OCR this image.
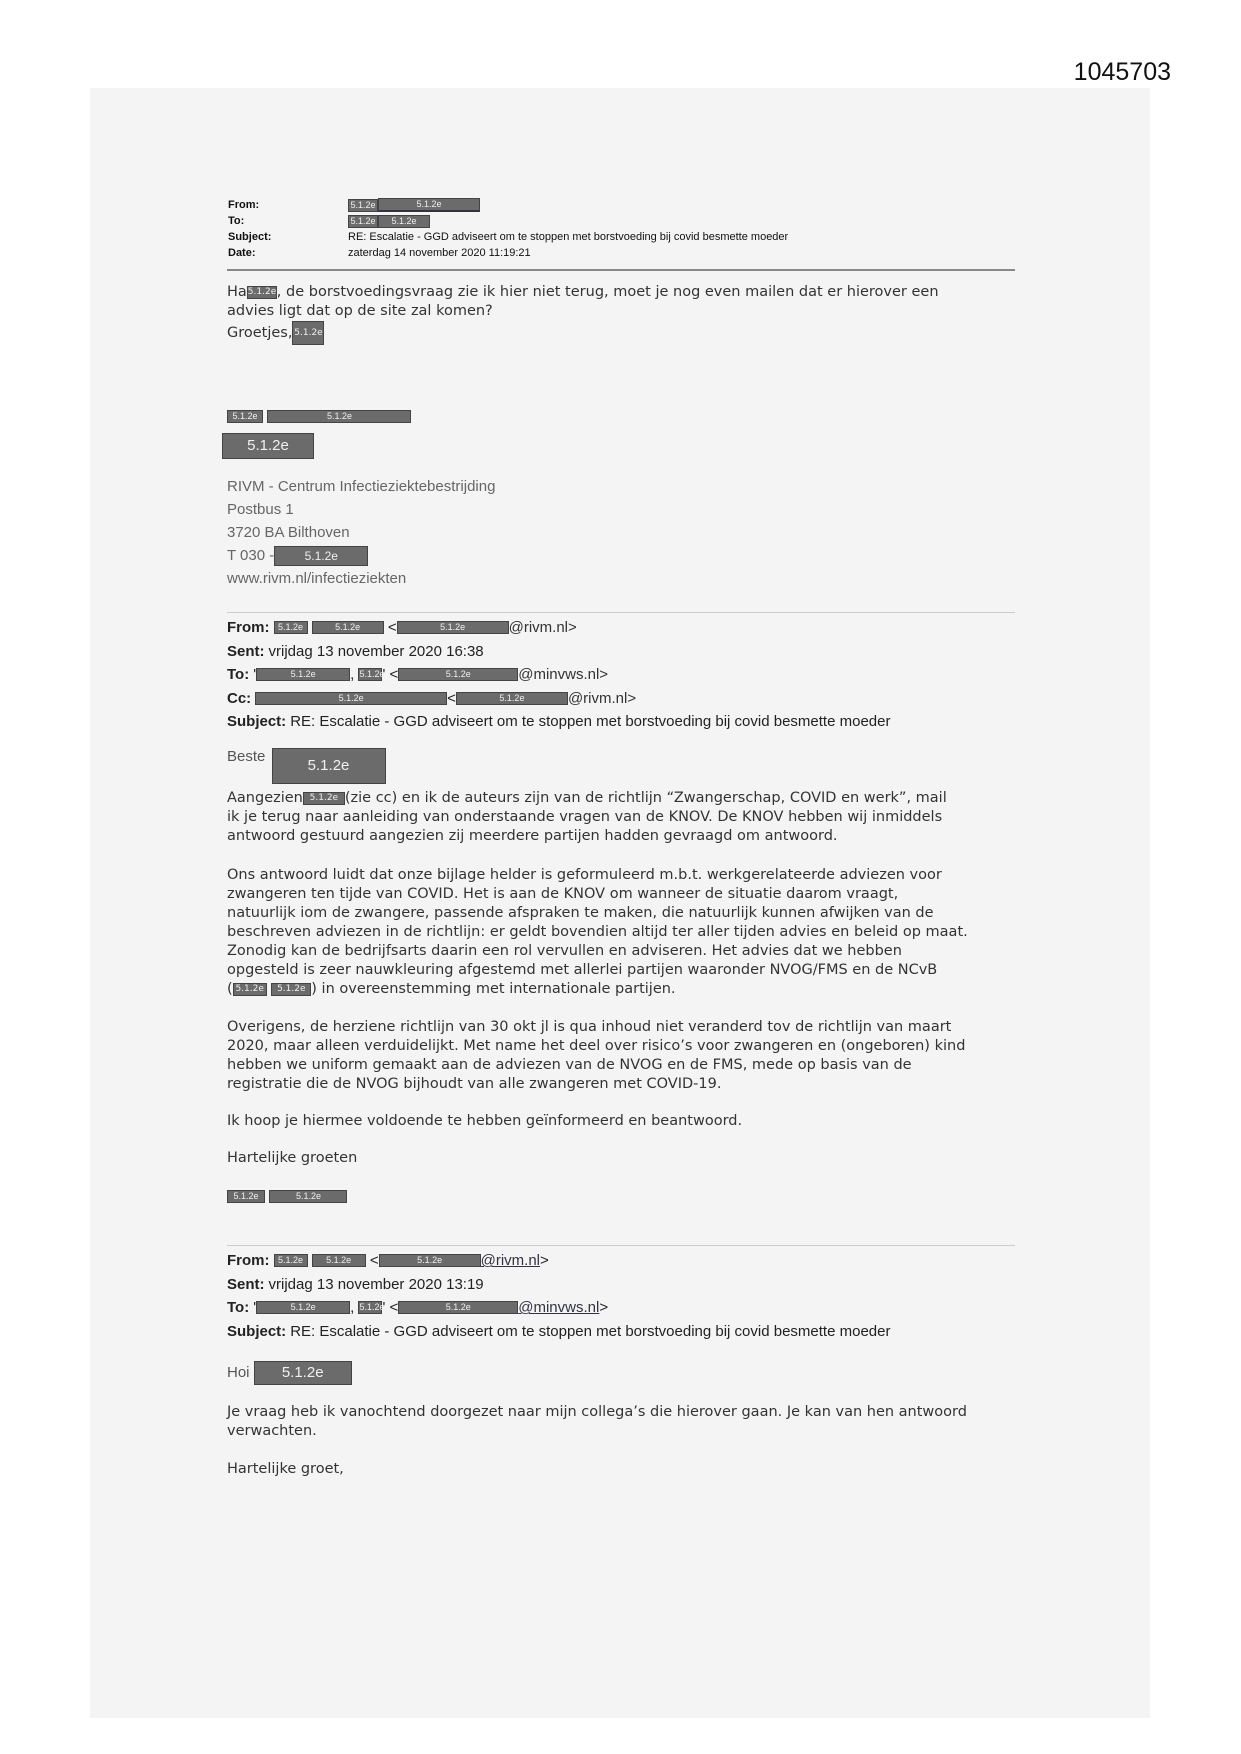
1045703
From:	5.1.2e	5.1.2e
To:	5.1.2e 5.1.2e
Subject:	RE: Escalatie - GGD adviseert om te stoppen met borstvoeding bij covid besmette moeder
Date:	zaterdag 14 november 2020 11:19:21
Ha5.1.2e, de borstvoedingsvraag zie ik hier niet terug, moet je nog even mailen dat er hierover een
advies ligt dat op de site zal komen?
Groetjes, 5.1.2e
5.1.2e	5.1.2e
5.1.2e
RIVM - Centrum Infectieziektebestrijding
Postbus 1
3720 BA Bilthoven
T 030 -	5.1.2e
www.rivm.nl/infectieziekten
From: 5.1.2e
	5.1.2e	<	5.1.2e	@rivm.nl>
Sent: vrijdag 13 november 2020 16:38
To: '	5.1.2e	, 5.1.2e
' <	5.1.2e	@minvws.nl>
Cc:	5.1.2e	<	5.1.2e	@rivm.nl>
Subject: RE: Escalatie - GGD adviseert om te stoppen met borstvoeding bij covid besmette moeder
Beste 5.1.2e
Aangezien 5.1.2e (zie cc) en ik de auteurs zijn van de richtlijn “Zwangerschap, COVID en werk”, mail
ik je terug naar aanleiding van onderstaande vragen van de KNOV. De KNOV hebben wij inmiddels
antwoord gestuurd aangezien zij meerdere partijen hadden gevraagd om antwoord.
Ons antwoord luidt dat onze bijlage helder is geformuleerd m.b.t. werkgerelateerde adviezen voor
zwangeren ten tijde van COVID. Het is aan de KNOV om wanneer de situatie daarom vraagt,
natuurlijk iom de zwangere, passende afspraken te maken, die natuurlijk kunnen afwijken van de
beschreven adviezen in de richtlijn: er geldt bovendien altijd ter aller tijden advies en beleid op maat.
Zonodig kan de bedrijfsarts daarin een rol vervullen en adviseren. Het advies dat we hebben
opgesteld is zeer nauwkleuring afgestemd met allerlei partijen waaronder NVOG/FMS en de NCvB
( 5.1.2e 5.1.2e ) in overeenstemming met internationale partijen.
Overigens, de herziene richtlijn van 30 okt jl is qua inhoud niet veranderd tov de richtlijn van maart
2020, maar alleen verduidelijkt. Met name het deel over risico’s voor zwangeren en (ongeboren) kind
hebben we uniform gemaakt aan de adviezen van de NVOG en de FMS, mede op basis van de
registratie die de NVOG bijhoudt van alle zwangeren met COVID-19.
Ik hoop je hiermee voldoende te hebben geïnformeerd en beantwoord.
Hartelijke groeten
5.1.2e	5.1.2e
From: 5.1.2e
	5.1.2e <	5.1.2e	@rivm.nl >
Sent: vrijdag 13 november 2020 13:19
To: '	5.1.2e	, 5.1.2e
' <	5.1.2e	@minvws.nl >
Subject: RE: Escalatie - GGD adviseert om te stoppen met borstvoeding bij covid besmette moeder
Hoi 5.1.2e
Je vraag heb ik vanochtend doorgezet naar mijn collega’s die hierover gaan. Je kan van hen antwoord
verwachten.
Hartelijke groet,
